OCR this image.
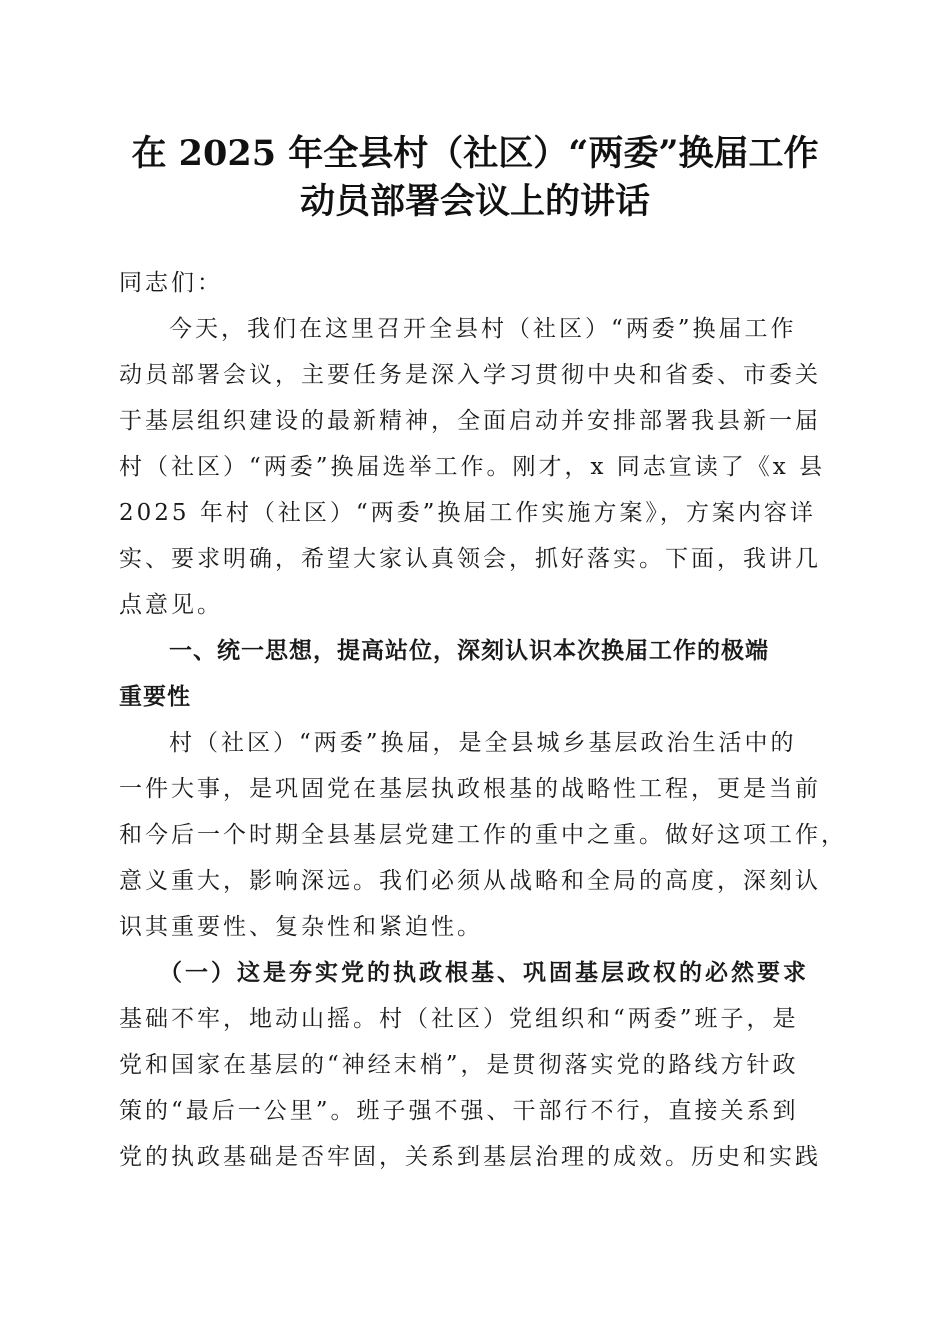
在 2025 年全县村（社区）“两委”换届工作
动员部署会议上的讲话
同志们：
今天，我们在这里召开全县村（社区）“两委”换届工作
动员部署会议，主要任务是深入学习贯彻中央和省委、市委关
于基层组织建设的最新精神，全面启动并安排部署我县新一届
村（社区）“两委”换届选举工作。刚才，x 同志宣读了《x 县
2025 年村（社区）“两委”换届工作实施方案》，方案内容详
实、要求明确，希望大家认真领会，抓好落实。下面，我讲几
点意见。
一、统一思想，提高站位，深刻认识本次换届工作的极端
重要性
村（社区）“两委”换届，是全县城乡基层政治生活中的
一件大事，是巩固党在基层执政根基的战略性工程，更是当前
和今后一个时期全县基层党建工作的重中之重。做好这项工作，
意义重大，影响深远。我们必须从战略和全局的高度，深刻认
识其重要性、复杂性和紧迫性。
（一）这是夯实党的执政根基、巩固基层政权的必然要求
基础不牢，地动山摇。村（社区）党组织和“两委”班子，是
党和国家在基层的“神经末梢”，是贯彻落实党的路线方针政
策的“最后一公里”。班子强不强、干部行不行，直接关系到
党的执政基础是否牢固，关系到基层治理的成效。历史和实践
